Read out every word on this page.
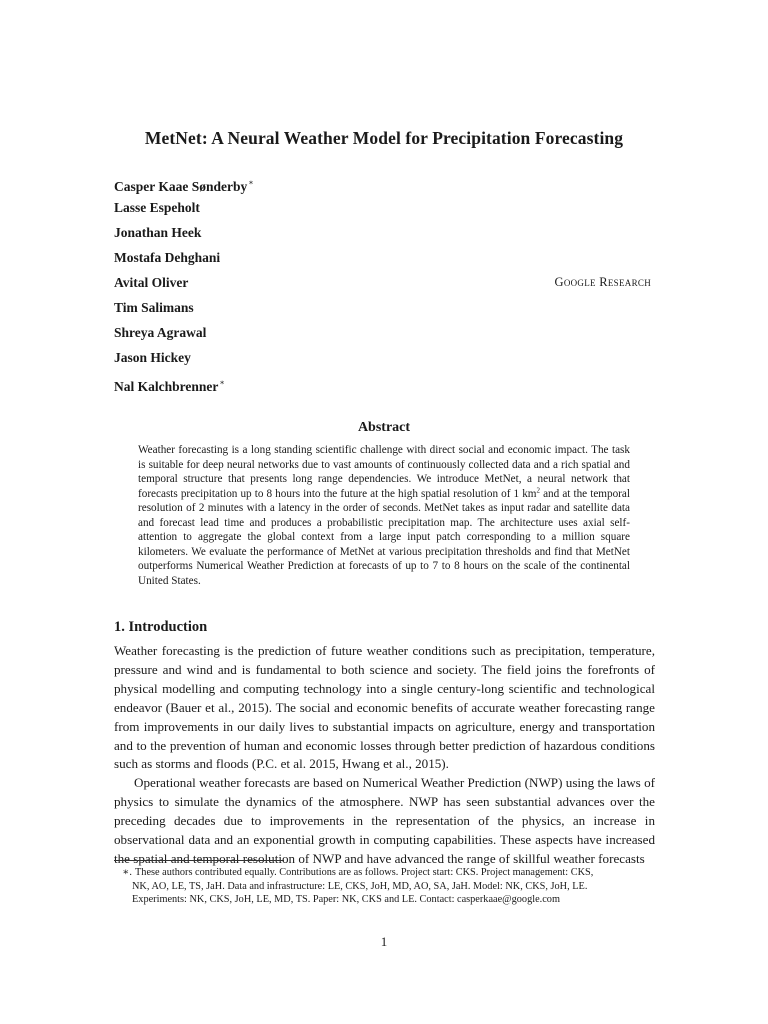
MetNet: A Neural Weather Model for Precipitation Forecasting
Casper Kaae Sønderby∗
Lasse Espeholt
Jonathan Heek
Mostafa Dehghani
Avital Oliver
Tim Salimans
Shreya Agrawal
Jason Hickey
Nal Kalchbrenner∗
Google Research
Abstract
Weather forecasting is a long standing scientific challenge with direct social and economic impact. The task is suitable for deep neural networks due to vast amounts of continuously collected data and a rich spatial and temporal structure that presents long range dependencies. We introduce MetNet, a neural network that forecasts precipitation up to 8 hours into the future at the high spatial resolution of 1 $km^2$ and at the temporal resolution of 2 minutes with a latency in the order of seconds. MetNet takes as input radar and satellite data and forecast lead time and produces a probabilistic precipitation map. The architecture uses axial self-attention to aggregate the global context from a large input patch corresponding to a million square kilometers. We evaluate the performance of MetNet at various precipitation thresholds and find that MetNet outperforms Numerical Weather Prediction at forecasts of up to 7 to 8 hours on the scale of the continental United States.
1. Introduction

Weather forecasting is the prediction of future weather conditions such as precipitation, temperature, pressure and wind and is fundamental to both science and society. The field joins the forefronts of physical modelling and computing technology into a single century-long scientific and technological endeavor (Bauer et al., 2015). The social and economic benefits of accurate weather forecasting range from improvements in our daily lives to substantial impacts on agriculture, energy and transportation and to the prevention of human and economic losses through better prediction of hazardous conditions such as storms and floods (P.C. et al. 2015, Hwang et al., 2015).

Operational weather forecasts are based on Numerical Weather Prediction (NWP) using the laws of physics to simulate the dynamics of the atmosphere. NWP has seen substantial advances over the preceding decades due to improvements in the representation of the physics, an increase in observational data and an exponential growth in computing capabilities. These aspects have increased the spatial and temporal resolution of NWP and have advanced the range of skillful weather forecasts

∗. These authors contributed equally. Contributions are as follows. Project start: CKS. Project management: CKS,
NK, AO, LE, TS, JaH. Data and infrastructure: LE, CKS, JoH, MD, AO, SA, JaH. Model: NK, CKS, JoH, LE.
Experiments: NK, CKS, JoH, LE, MD, TS. Paper: NK, CKS and LE. Contact: casperkaae@google.com
1
